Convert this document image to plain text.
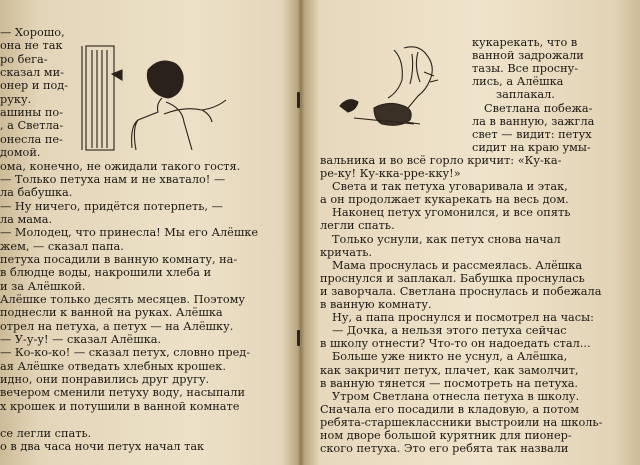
— Хорошо,
она не так
ро бега-
сказал ми-
онер и под-
руку.
ашины по-
, а Светла-
онесла пе-
домой.
ома, конечно, не ожидали такого гостя.
— Только петуха нам и не хватало! —
ла бабушка.
— Ну ничего, придётся потерпеть, —
ла мама.
— Молодец, что принесла! Мы его Алёшке
жем, — сказал папа.
петуха посадили в ванную комнату, на-
в блюдце воды, накрошили хлеба и
и за Алёшкой.
Алёшке только десять месяцев. Поэтому
поднесли к ванной на руках. Алёшка
отрел на петуха, а петух — на Алёшку.
— У-у-у! — сказал Алёшка.
— Ко-ко-ко! — сказал петух, словно пред-
ая Алёшке отведать хлебных крошек.
идно, они понравились друг другу.
вечером сменили петуху воду, насыпали
х крошек и потушили в ванной комнате
се легли спать.
о в два часа ночи петух начал так
кукарекать, что в
ванной задрожали
тазы. Все просну-
лись, а Алёшка
заплакал.
Светлана побежа-
ла в ванную, зажгла
свет — видит: петух
сидит на краю умы-
вальника и во всё горло кричит: «Ку-ка-
ре-ку! Ку-кка-рре-кку!»
Света и так петуха уговаривала и этак,
а он продолжает кукарекать на весь дом.
Наконец петух угомонился, и все опять
легли спать.
Только уснули, как петух снова начал
кричать.
Мама проснулась и рассмеялась. Алёшка
проснулся и заплакал. Бабушка проснулась
и заворчала. Светлана проснулась и побежала
в ванную комнату.
Ну, а папа проснулся и посмотрел на часы:
— Дочка, а нельзя этого петуха сейчас
в школу отнести? Что-то он надоедать стал...
Больше уже никто не уснул, а Алёшка,
как закричит петух, плачет, как замолчит,
в ванную тянется — посмотреть на петуха.
Утром Светлана отнесла петуха в школу.
Сначала его посадили в кладовую, а потом
ребята-старшеклассники выстроили на школь-
ном дворе большой курятник для пионер-
ского петуха. Это его ребята так назвали
